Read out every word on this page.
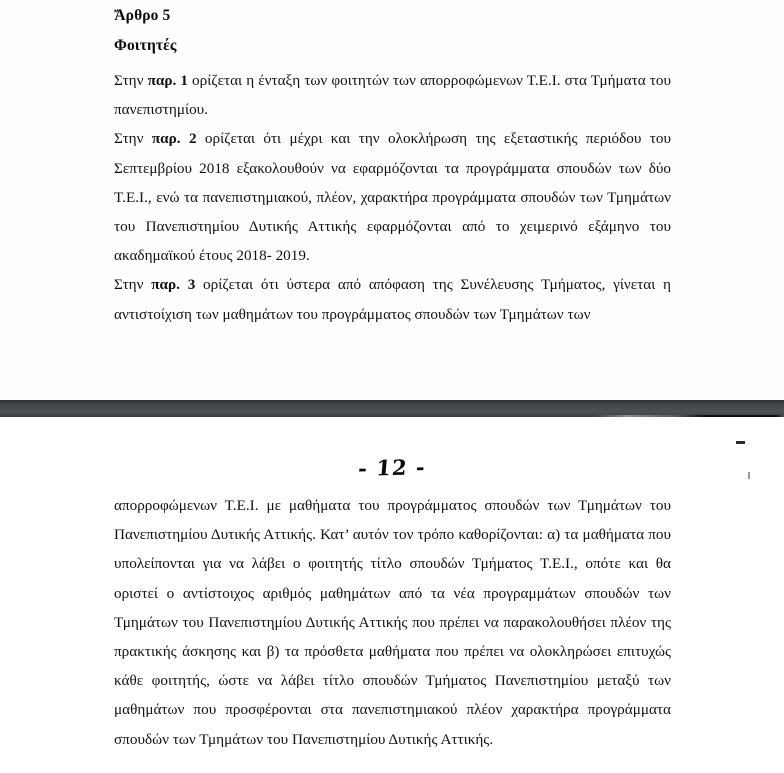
Ἄρθρο 5
Φοιτητές

Στην παρ. 1 ορίζεται η ένταξη των φοιτητών των απορροφώμενων Τ.Ε.Ι. στα Τμήματα του πανεπιστημίου.

Στην παρ. 2 ορίζεται ότι μέχρι και την ολοκλήρωση της εξεταστικής περιόδου του Σεπτεμβρίου 2018 εξακολουθούν να εφαρμόζονται τα προγράμματα σπουδών των δύο Τ.Ε.Ι., ενώ τα πανεπιστημιακού, πλέον, χαρακτήρα προγράμματα σπουδών των Τμημάτων του Πανεπιστημίου Δυτικής Αττικής εφαρμόζονται από το χειμερινό εξάμηνο του ακαδημαϊκού έτους 2018- 2019.

Στην παρ. 3 ορίζεται ότι ύστερα από απόφαση της Συνέλευσης Τμήματος, γίνεται η αντιστοίχιση των μαθημάτων του προγράμματος σπουδών των Τμημάτων των

- 12 -

απορροφώμενων Τ.Ε.Ι. με μαθήματα του προγράμματος σπουδών των Τμημάτων του Πανεπιστημίου Δυτικής Αττικής. Κατ’ αυτόν τον τρόπο καθορίζονται: α) τα μαθήματα που υπολείπονται για να λάβει ο φοιτητής τίτλο σπουδών Τμήματος Τ.Ε.Ι., οπότε και θα οριστεί ο αντίστοιχος αριθμός μαθημάτων από τα νέα προγραμμάτων σπουδών των Τμημάτων του Πανεπιστημίου Δυτικής Αττικής που πρέπει να παρακολουθήσει πλέον της πρακτικής άσκησης και β) τα πρόσθετα μαθήματα που πρέπει να ολοκληρώσει επιτυχώς κάθε φοιτητής, ώστε να λάβει τίτλο σπουδών Τμήματος Πανεπιστημίου μεταξύ των μαθημάτων που προσφέρονται στα πανεπιστημιακού πλέον χαρακτήρα προγράμματα σπουδών των Τμημάτων του Πανεπιστημίου Δυτικής Αττικής.
